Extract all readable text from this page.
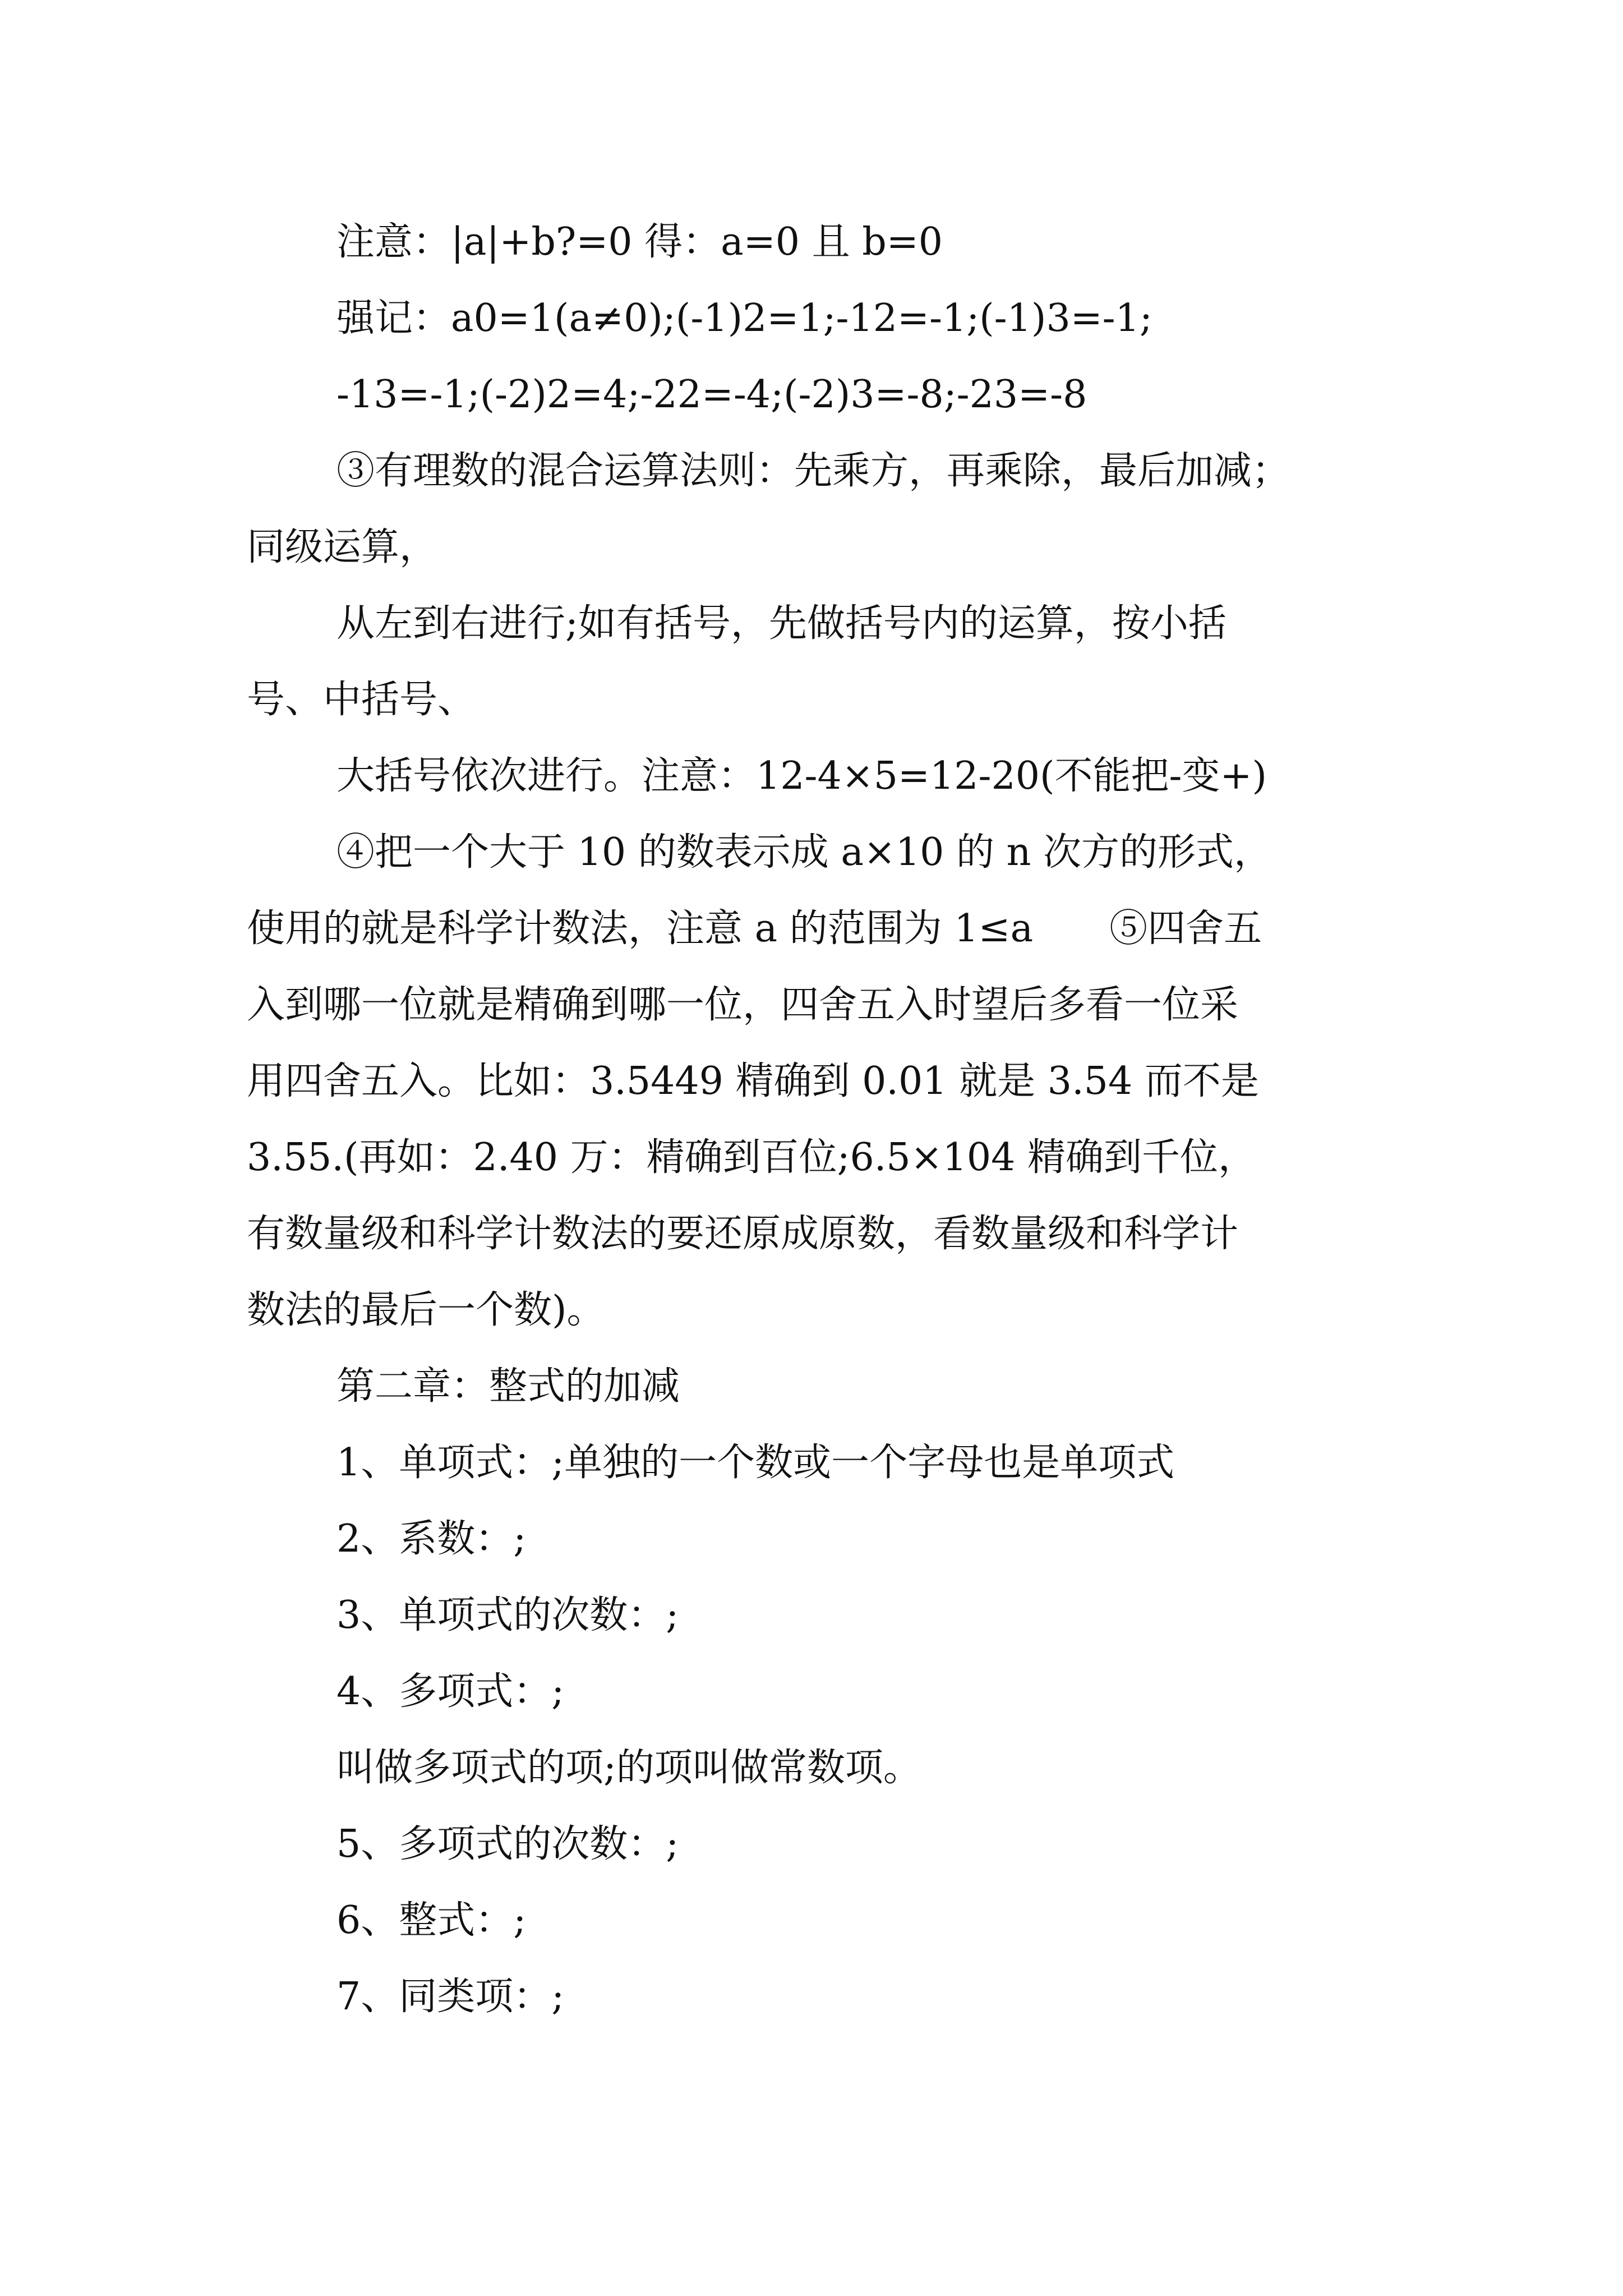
注意：|a|+b?=0 得：a=0 且 b=0

强记：a0=1(a≠0);(-1)2=1;-12=-1;(-1)3=-1;

-13=-1;(-2)2=4;-22=-4;(-2)3=-8;-23=-8

③有理数的混合运算法则：先乘方，再乘除，最后加减；

同级运算，

从左到右进行;如有括号，先做括号内的运算，按小括

号、中括号、

大括号依次进行。注意：12-4×5=12-20(不能把-变+)

④把一个大于 10 的数表示成 a×10 的 n 次方的形式，

使用的就是科学计数法，注意 a 的范围为 1≤a　　⑤四舍五

入到哪一位就是精确到哪一位，四舍五入时望后多看一位采

用四舍五入。比如：3.5449 精确到 0.01 就是 3.54 而不是

3.55.(再如：2.40 万：精确到百位;6.5×104 精确到千位，

有数量级和科学计数法的要还原成原数，看数量级和科学计

数法的最后一个数)。

第二章：整式的加减

1、单项式：;单独的一个数或一个字母也是单项式

2、系数：;

3、单项式的次数：;

4、多项式：;

叫做多项式的项;的项叫做常数项。

5、多项式的次数：;

6、整式：;

7、同类项：;
